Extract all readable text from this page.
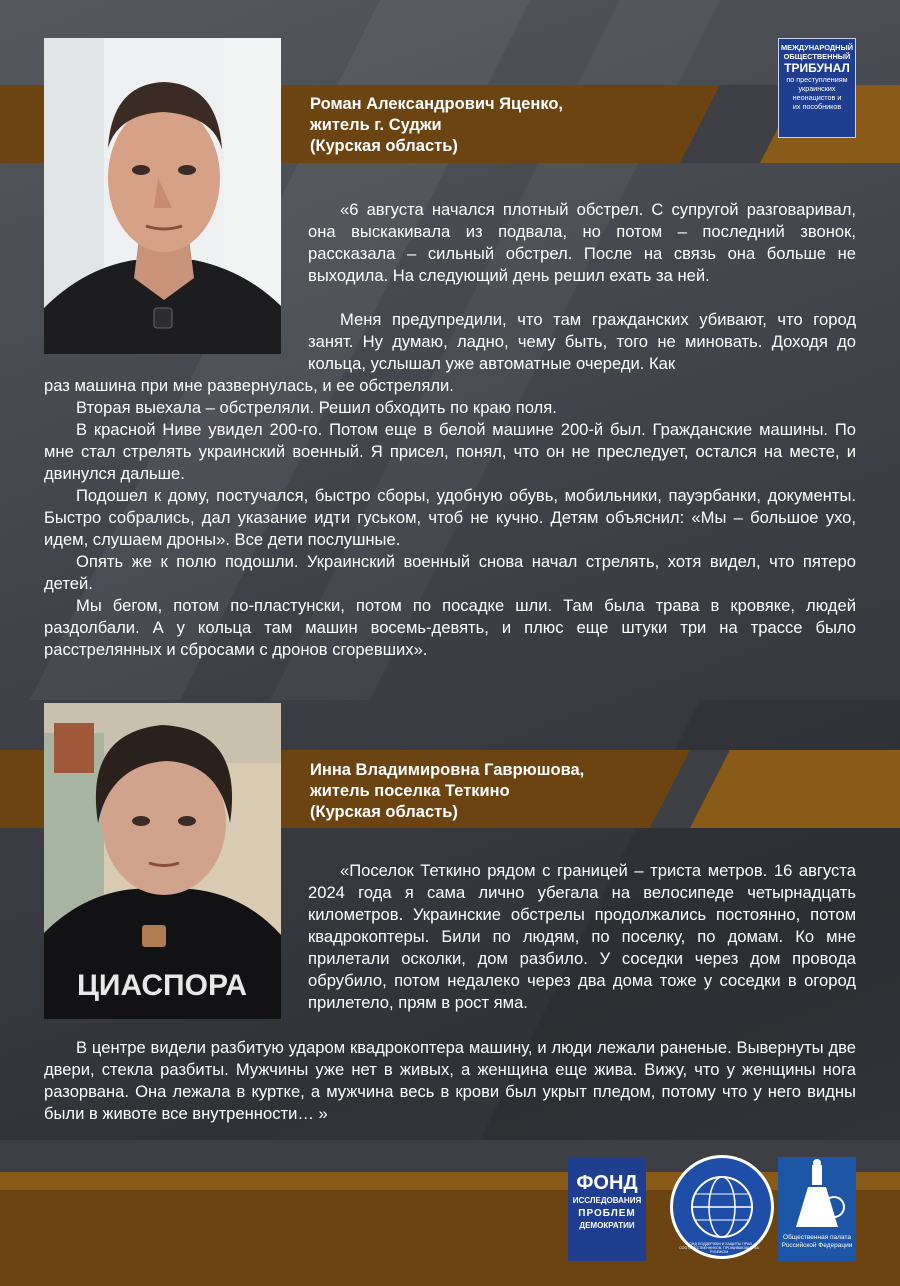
МЕЖДУНАРОДНЫЙ
ОБЩЕСТВЕННЫЙ
ТРИБУНАЛ
по преступлениям
украинских
неонацистов и
их пособников
Роман Александрович Яценко,
житель г. Суджи
(Курская область)

«6 августа начался плотный обстрел. С супругой разговаривал, она выскакивала из подвала, но потом – последний звонок, рассказала – сильный обстрел. После на связь она больше не выходила. На следующий день решил ехать за ней.

Меня предупредили, что там гражданских убивают, что город занят. Ну думаю, ладно, чему быть, того не миновать. Доходя до кольца, услышал уже автоматные очереди. Как

раз машина при мне развернулась, и ее обстреляли.

Вторая выехала – обстреляли. Решил обходить по краю поля.

В красной Ниве увидел 200-го. Потом еще в белой машине 200-й был. Гражданские машины. По мне стал стрелять украинский военный. Я присел, понял, что он не преследует, остался на месте, и двинулся дальше.

Подошел к дому, постучался, быстро сборы, удобную обувь, мобильники, пауэрбанки, документы. Быстро собрались, дал указание идти гуськом, чтоб не кучно. Детям объяснил: «Мы – большое ухо, идем, слушаем дроны». Все дети послушные.

Опять же к полю подошли. Украинский военный снова начал стрелять, хотя видел, что пятеро детей.

Мы бегом, потом по-пластунски, потом по посадке шли. Там была трава в кровяке, людей раздолбали. А у кольца там машин восемь-девять, и плюс еще штуки три на трассе было расстрелянных и сбросами с дронов сгоревших».

ЦИАСПОРА
Инна Владимировна Гаврюшова,
житель поселка Теткино
(Курская область)

«Поселок Теткино рядом с границей – триста метров. 16 августа 2024 года я сама лично убегала на велосипеде четырнадцать километров. Украинские обстрелы продолжались постоянно, потом квадрокоптеры. Били по людям, по поселку, по домам. Ко мне прилетали осколки, дом разбило. У соседки через дом провода обрубило, потом недалеко через два дома тоже у соседки в огород прилетело, прям в рост яма.

В центре видели разбитую ударом квадрокоптера машину, и люди лежали раненые. Вывернуты две двери, стекла разбиты. Мужчины уже нет в живых, а женщина еще жива. Вижу, что у женщины нога разорвана. Она лежала в куртке, а мужчина весь в крови был укрыт пледом, потому что у него видны были в животе все внутренности… »

ФОНД
ИССЛЕДОВАНИЯ
ПРОБЛЕМ
ДЕМОКРАТИИ
ФОНД ПОДДЕРЖКИ И ЗАЩИТЫ ПРАВ СООТЕЧЕСТВЕННИКОВ, ПРОЖИВАЮЩИХ ЗА РУБЕЖОМ
Общественная палата
Российской Федерации
